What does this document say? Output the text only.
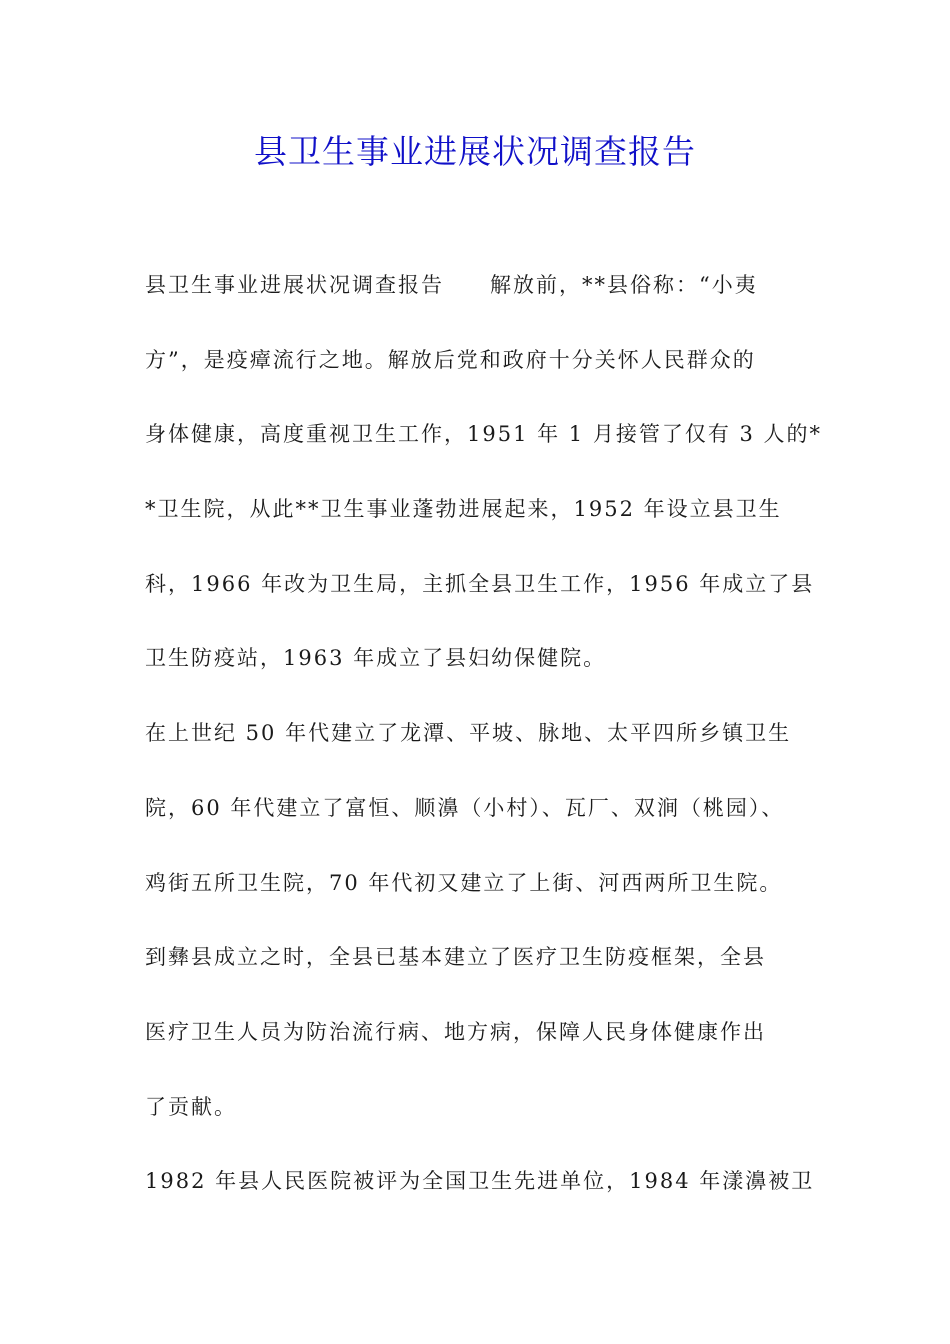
县卫生事业进展状况调查报告
县卫生事业进展状况调查报告　　解放前，**县俗称：“小夷
方”，是疫瘴流行之地。解放后党和政府十分关怀人民群众的
身体健康，高度重视卫生工作，1951 年 1 月接管了仅有 3 人的*
*卫生院，从此**卫生事业蓬勃进展起来，1952 年设立县卫生
科，1966 年改为卫生局，主抓全县卫生工作，1956 年成立了县
卫生防疫站，1963 年成立了县妇幼保健院。
在上世纪 50 年代建立了龙潭、平坡、脉地、太平四所乡镇卫生
院，60 年代建立了富恒、顺濞（小村）、瓦厂、双涧（桃园）、
鸡街五所卫生院，70 年代初又建立了上街、河西两所卫生院。
到彝县成立之时，全县已基本建立了医疗卫生防疫框架，全县
医疗卫生人员为防治流行病、地方病，保障人民身体健康作出
了贡献。
1982 年县人民医院被评为全国卫生先进单位，1984 年漾濞被卫
